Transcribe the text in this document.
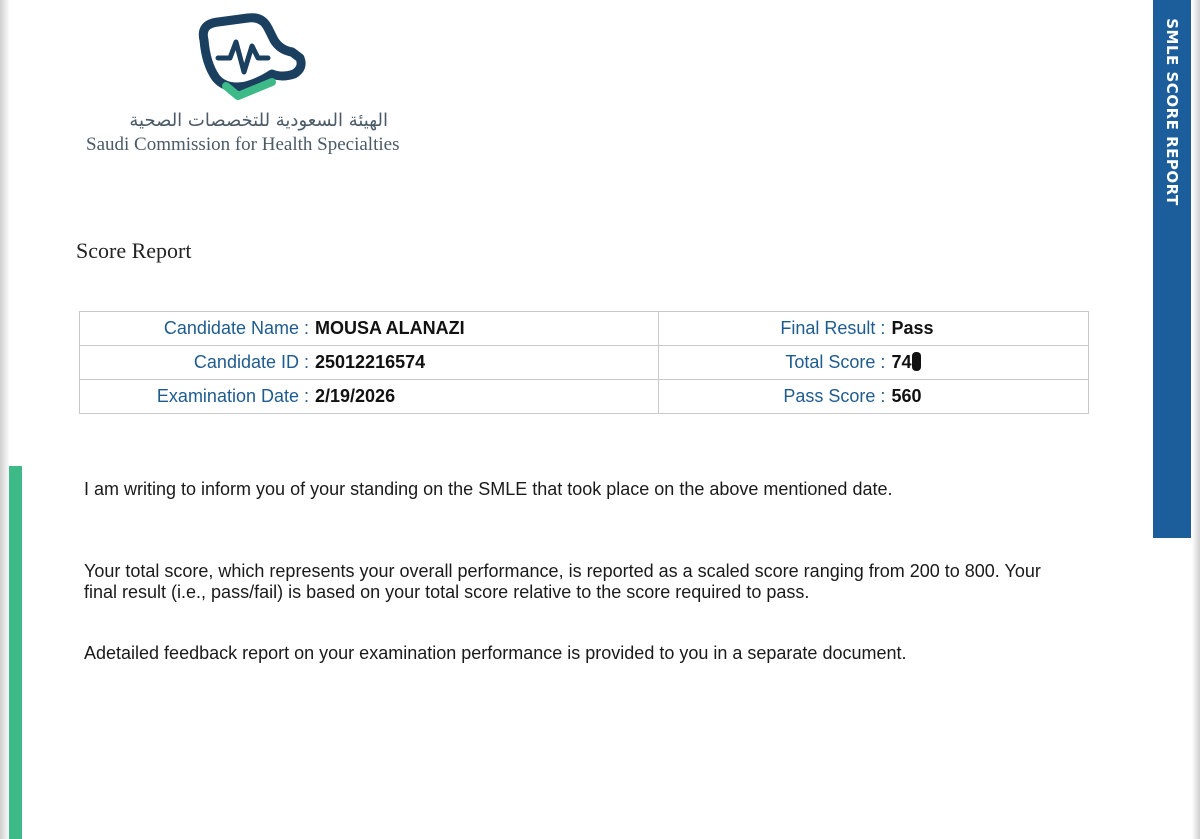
SMLE SCORE REPORT
الهيئة السعودية للتخصصات الصحية
Saudi Commission for Health Specialties
Score Report
Candidate Name : MOUSA ALANAZI	Final Result : Pass

Candidate ID : 25012216574	Total Score : 74

Examination Date : 2/19/2026	Pass Score : 560

I am writing to inform you of your standing on the SMLE that took place on the above mentioned date.

Your total score, which represents your overall performance, is reported as a scaled score ranging from 200 to 800. Your final result (i.e., pass/fail) is based on your total score relative to the score required to pass.

Adetailed feedback report on your examination performance is provided to you in a separate document.
